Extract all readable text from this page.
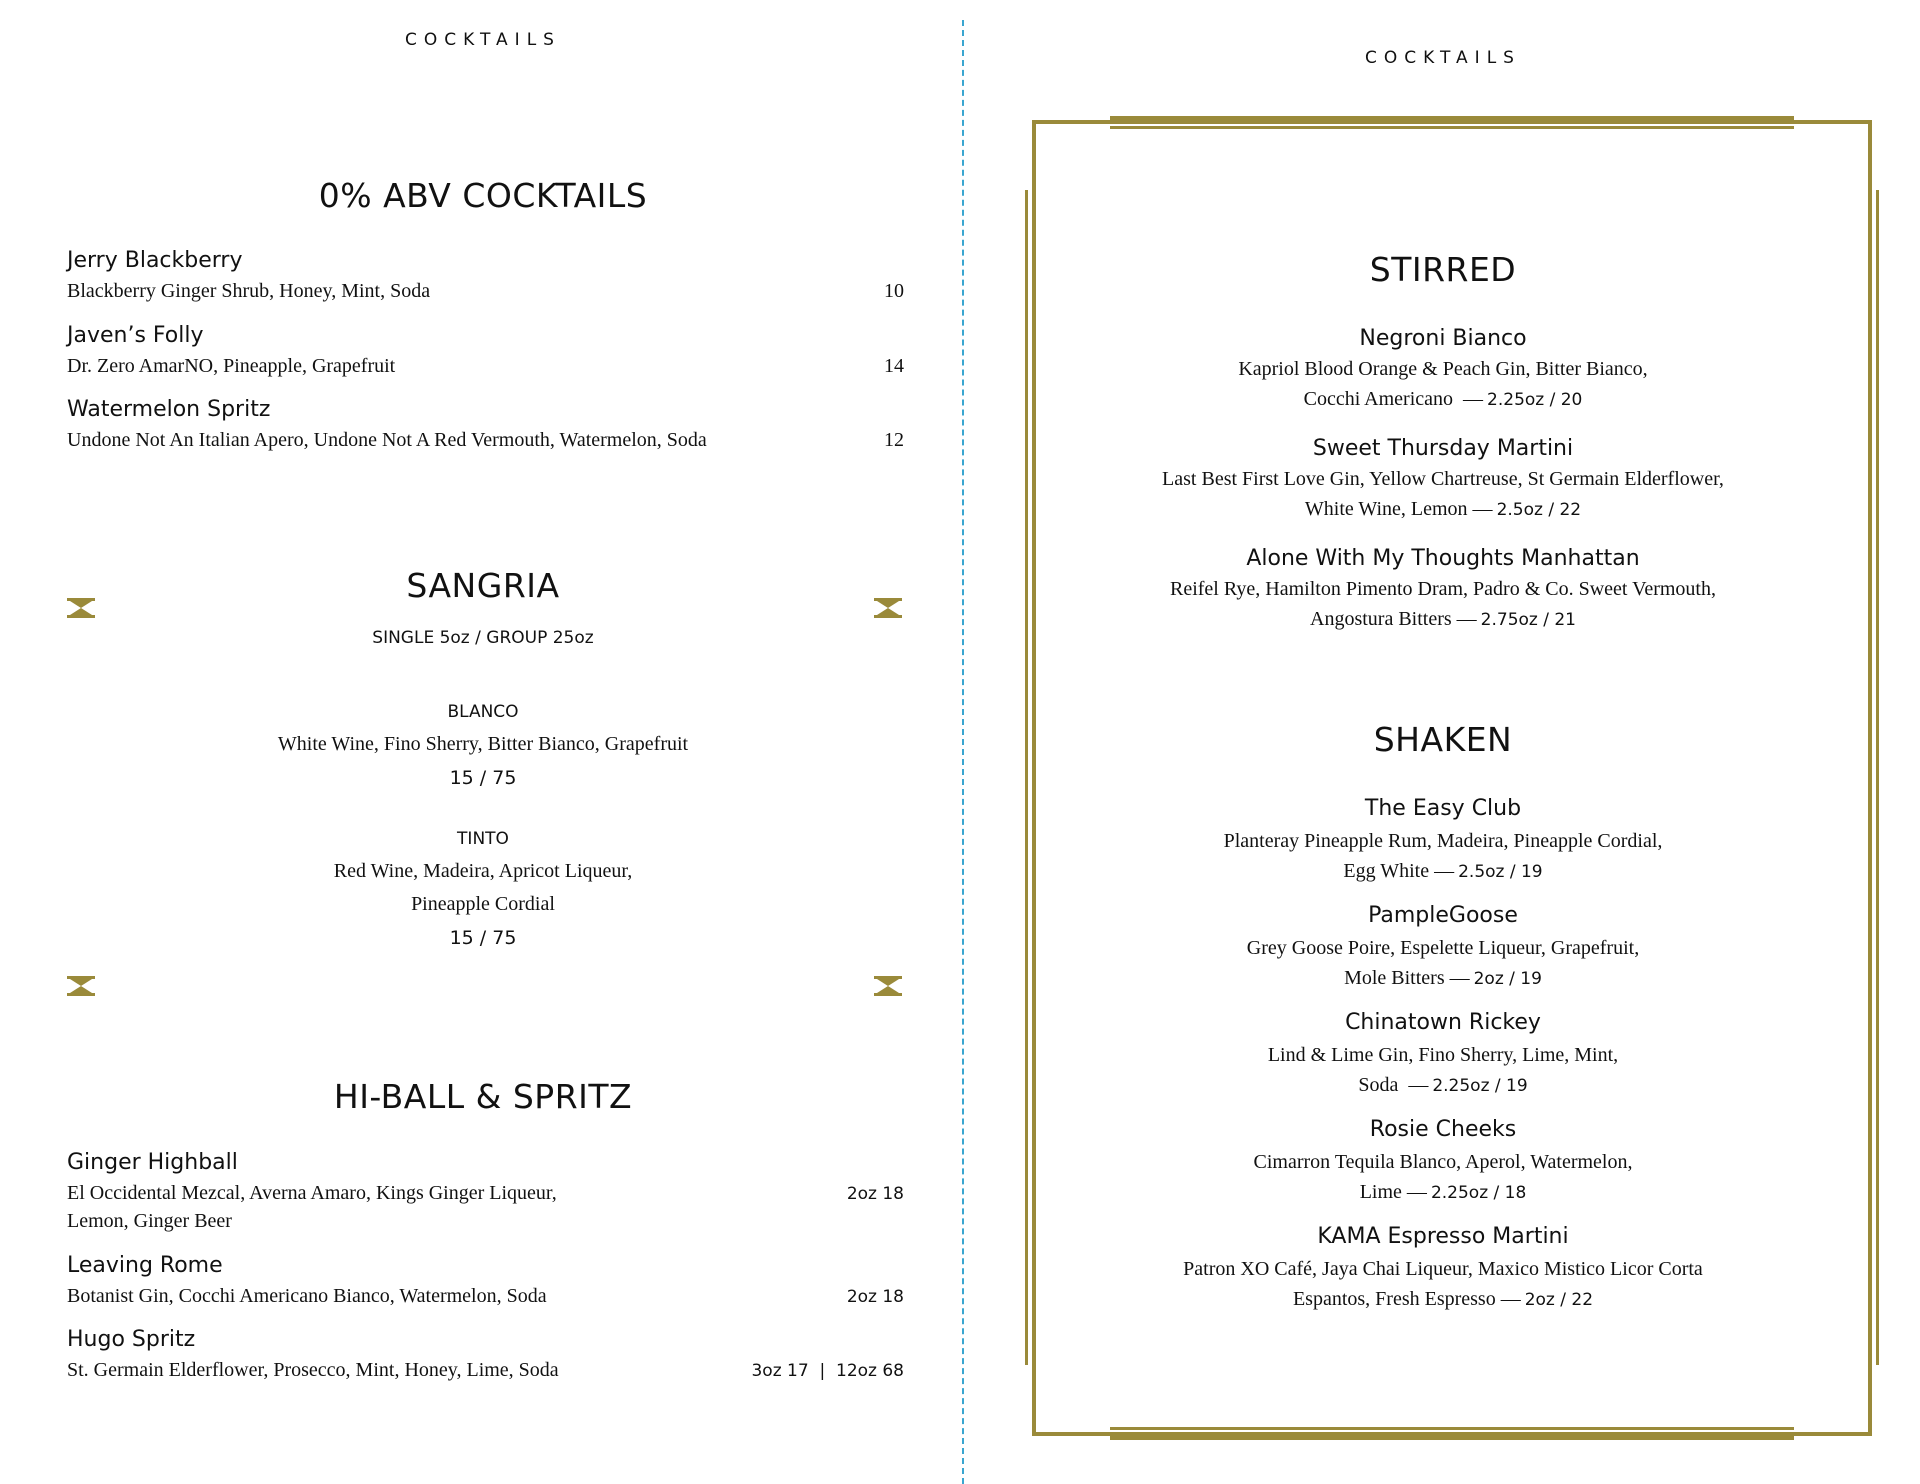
COCKTAILS
0% ABV COCKTAILS
Jerry Blackberry
Blackberry Ginger Shrub, Honey, Mint, Soda	10
Javen’s Folly
Dr. Zero AmarNO, Pineapple, Grapefruit	14
Watermelon Spritz
Undone Not An Italian Apero, Undone Not A Red Vermouth, Watermelon, Soda	12
SANGRIA
SINGLE 5oz / GROUP 25oz
BLANCO
White Wine, Fino Sherry, Bitter Bianco, Grapefruit
15 / 75
TINTO
Red Wine, Madeira, Apricot Liqueur,
Pineapple Cordial
15 / 75
HI-BALL & SPRITZ
Ginger Highball
El Occidental Mezcal, Averna Amaro, Kings Ginger Liqueur,
Lemon, Ginger Beer
2oz 18
Leaving Rome
Botanist Gin, Cocchi Americano Bianco, Watermelon, Soda	2oz 18
Hugo Spritz
St. Germain Elderflower, Prosecco, Mint, Honey, Lime, Soda	3oz 17  |  12oz 68
COCKTAILS
STIRRED
Negroni Bianco
Kapriol Blood Orange & Peach Gin, Bitter Bianco,
Cocchi Americano  — 2.25oz / 20
Sweet Thursday Martini
Last Best First Love Gin, Yellow Chartreuse, St Germain Elderflower,
White Wine, Lemon — 2.5oz / 22
Alone With My Thoughts Manhattan
Reifel Rye, Hamilton Pimento Dram, Padro & Co. Sweet Vermouth,
Angostura Bitters — 2.75oz / 21
SHAKEN
The Easy Club
Planteray Pineapple Rum, Madeira, Pineapple Cordial,
Egg White — 2.5oz / 19
PampleGoose
Grey Goose Poire, Espelette Liqueur, Grapefruit,
Mole Bitters — 2oz / 19
Chinatown Rickey
Lind & Lime Gin, Fino Sherry, Lime, Mint,
Soda  — 2.25oz / 19
Rosie Cheeks
Cimarron Tequila Blanco, Aperol, Watermelon,
Lime — 2.25oz / 18
KAMA Espresso Martini
Patron XO Café, Jaya Chai Liqueur, Maxico Mistico Licor Corta
Espantos, Fresh Espresso — 2oz / 22
